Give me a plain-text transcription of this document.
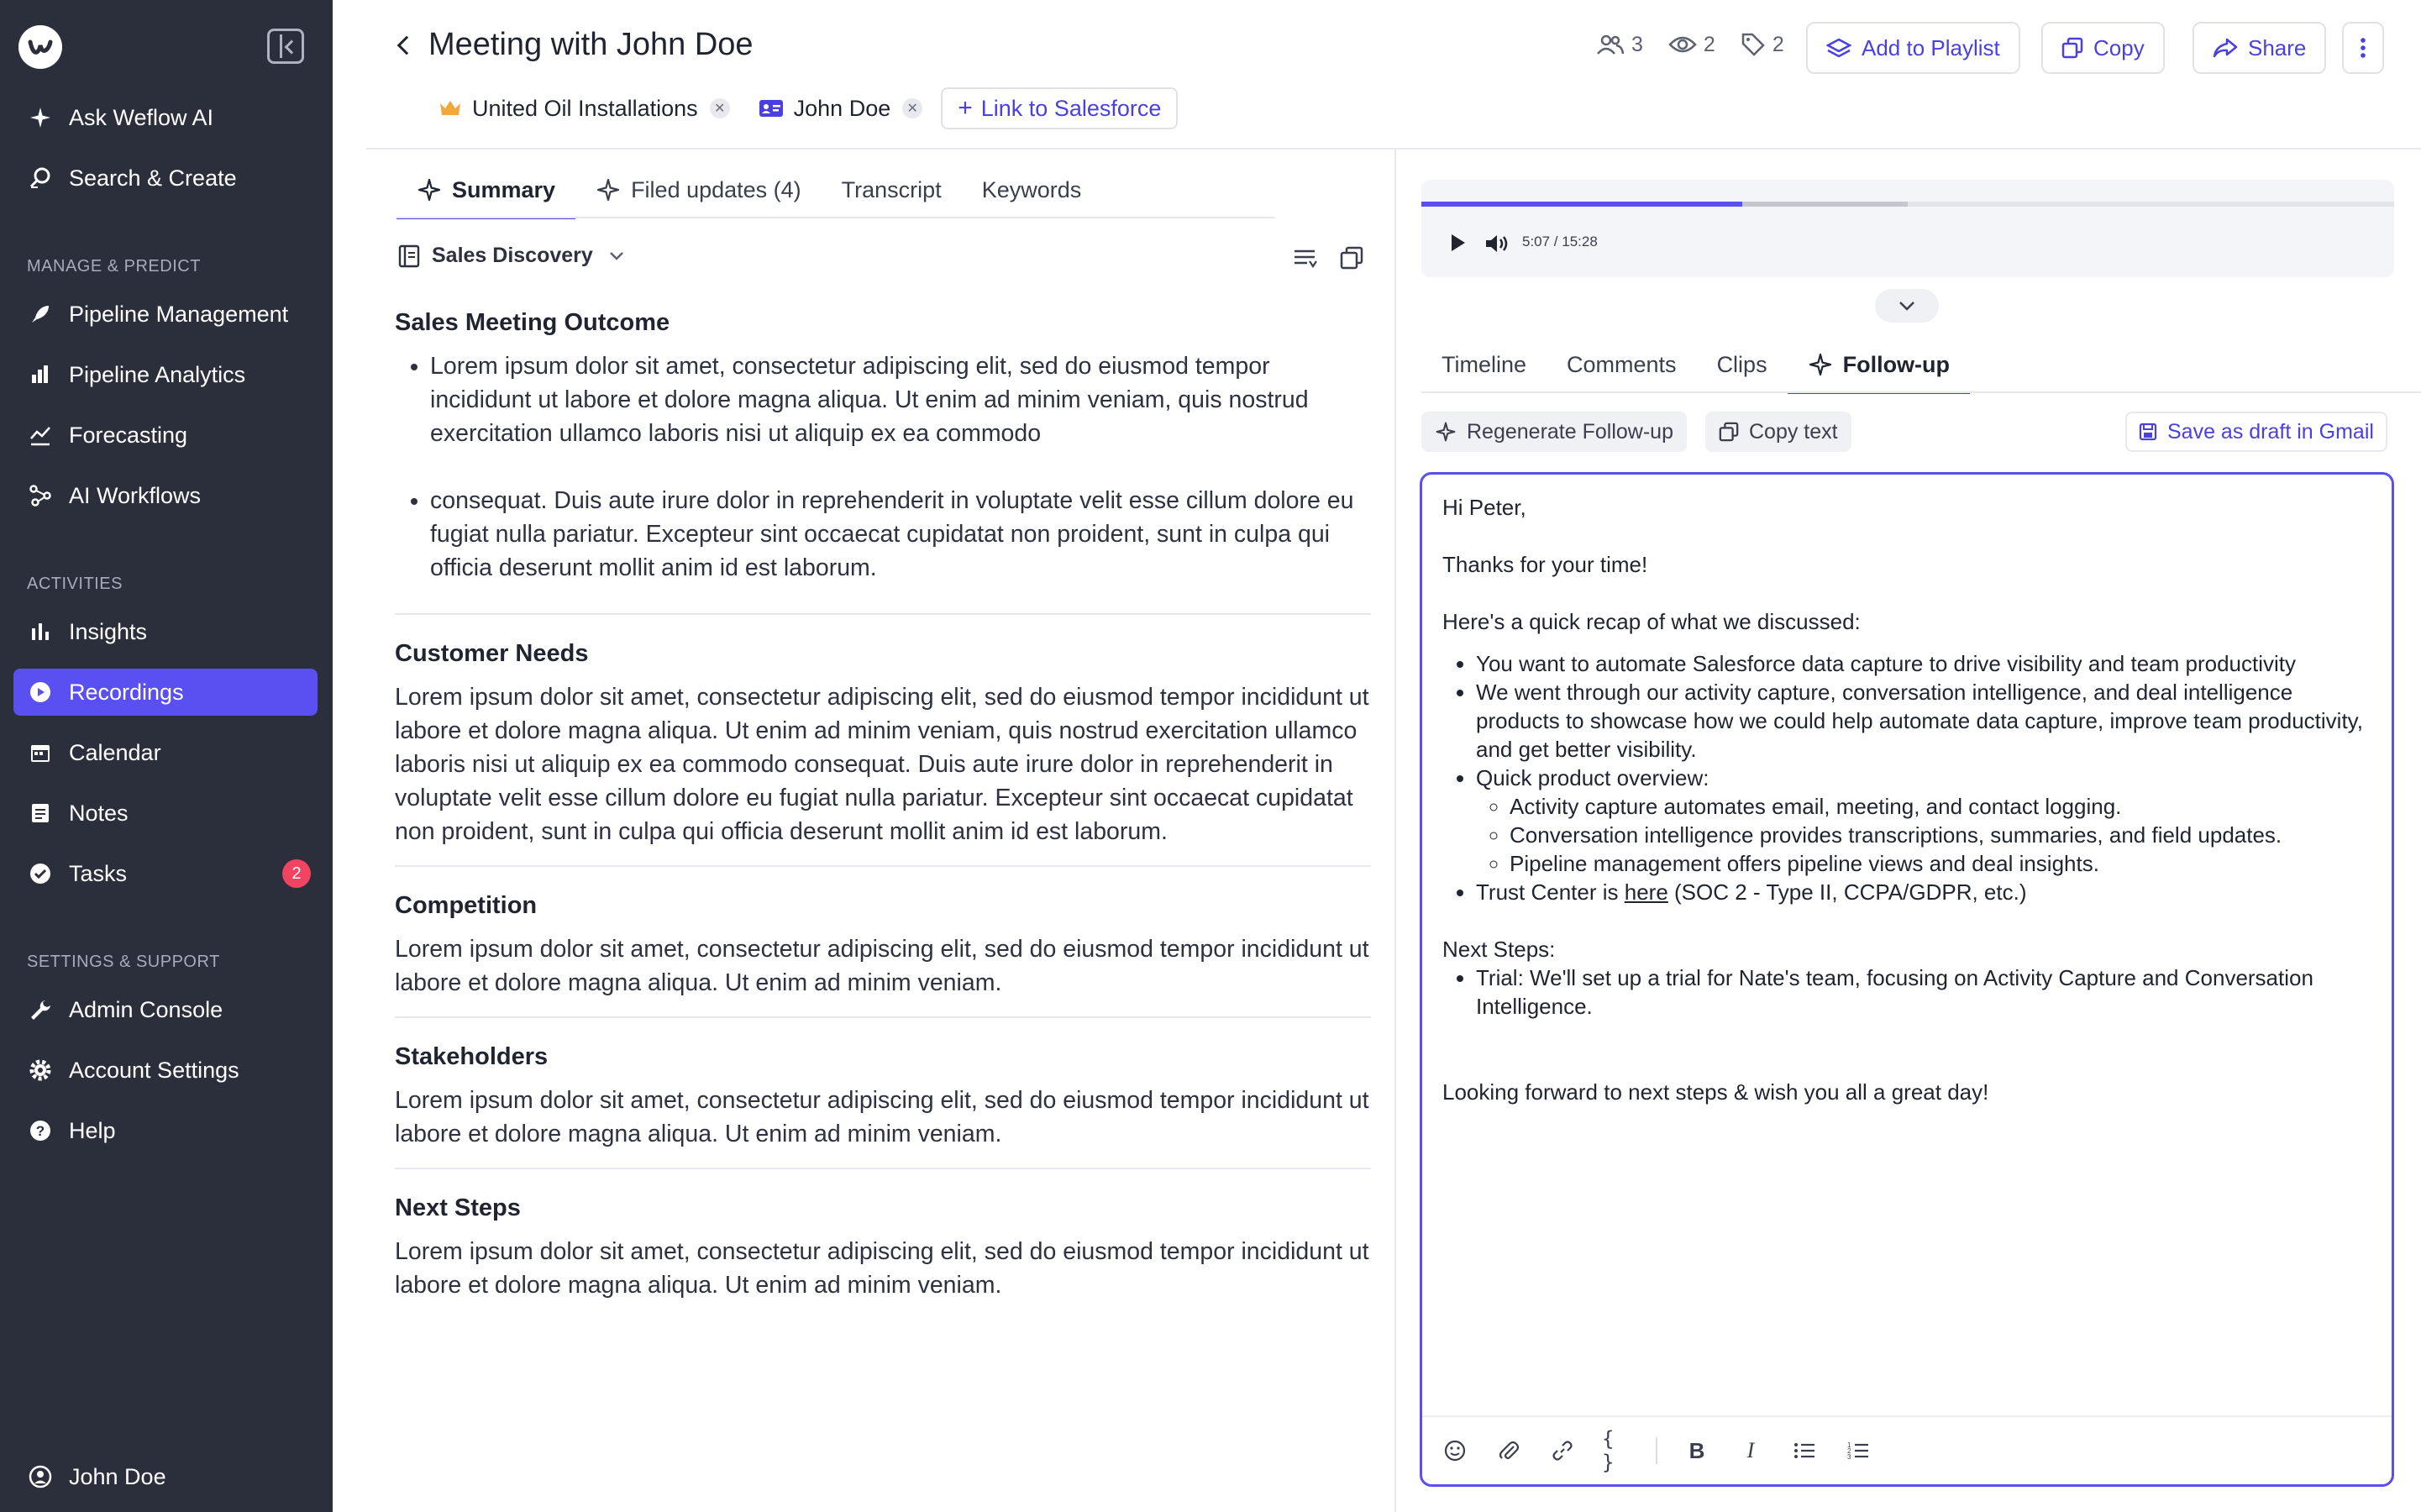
Ask Weflow AI
Search & Create
MANAGE & PREDICT
Pipeline Management
Pipeline Analytics
Forecasting
AI Workflows
ACTIVITIES
Insights
Recordings
Calendar
Notes
Tasks	2
SETTINGS & SUPPORT
Admin Console
Account Settings
? Help
John Doe
Meeting with John Doe
United Oil Installations	✕	John Doe	✕ + Link to Salesforce
3	2	2	Add to Playlist	Copy	Share
Summary	Filed updates (4) Transcript Keywords
Sales Discovery
Sales Meeting Outcome
• Lorem ipsum dolor sit amet, consectetur adipiscing elit, sed do eiusmod tempor incididunt ut labore et dolore magna aliqua. Ut enim ad minim veniam, quis nostrud exercitation ullamco laboris nisi ut aliquip ex ea commodo
• consequat. Duis aute irure dolor in reprehenderit in voluptate velit esse cillum dolore eu fugiat nulla pariatur. Excepteur sint occaecat cupidatat non proident, sunt in culpa qui officia deserunt mollit anim id est laborum.
Customer Needs

Lorem ipsum dolor sit amet, consectetur adipiscing elit, sed do eiusmod tempor incididunt ut labore et dolore magna aliqua. Ut enim ad minim veniam, quis nostrud exercitation ullamco laboris nisi ut aliquip ex ea commodo consequat. Duis aute irure dolor in reprehenderit in voluptate velit esse cillum dolore eu fugiat nulla pariatur. Excepteur sint occaecat cupidatat non proident, sunt in culpa qui officia deserunt mollit anim id est laborum.

Competition

Lorem ipsum dolor sit amet, consectetur adipiscing elit, sed do eiusmod tempor incididunt ut labore et dolore magna aliqua. Ut enim ad minim veniam.

Stakeholders

Lorem ipsum dolor sit amet, consectetur adipiscing elit, sed do eiusmod tempor incididunt ut labore et dolore magna aliqua. Ut enim ad minim veniam.

Next Steps

Lorem ipsum dolor sit amet, consectetur adipiscing elit, sed do eiusmod tempor incididunt ut labore et dolore magna aliqua. Ut enim ad minim veniam.

5:07 / 15:28
Timeline Comments Clips	Follow-up
Regenerate Follow-up	Copy text	Save as draft in Gmail

Hi Peter,

Thanks for your time!

Here's a quick recap of what we discussed:

• You want to automate Salesforce data capture to drive visibility and team productivity
• We went through our activity capture, conversation intelligence, and deal intelligence products to showcase how we could help automate data capture, improve team productivity, and get better visibility.
• Quick product overview:
◦ Activity capture automates email, meeting, and contact logging.
◦ Conversation intelligence provides transcriptions, summaries, and field updates.
◦ Pipeline management offers pipeline views and deal insights.
• Trust Center is here (SOC 2 - Type II, CCPA/GDPR, etc.)

Next Steps:

• Trial: We'll set up a trial for Nate's team, focusing on Activity Capture and Conversation Intelligence.

Looking forward to next steps & wish you all a great day!

{ }	B	I	1
2
3
